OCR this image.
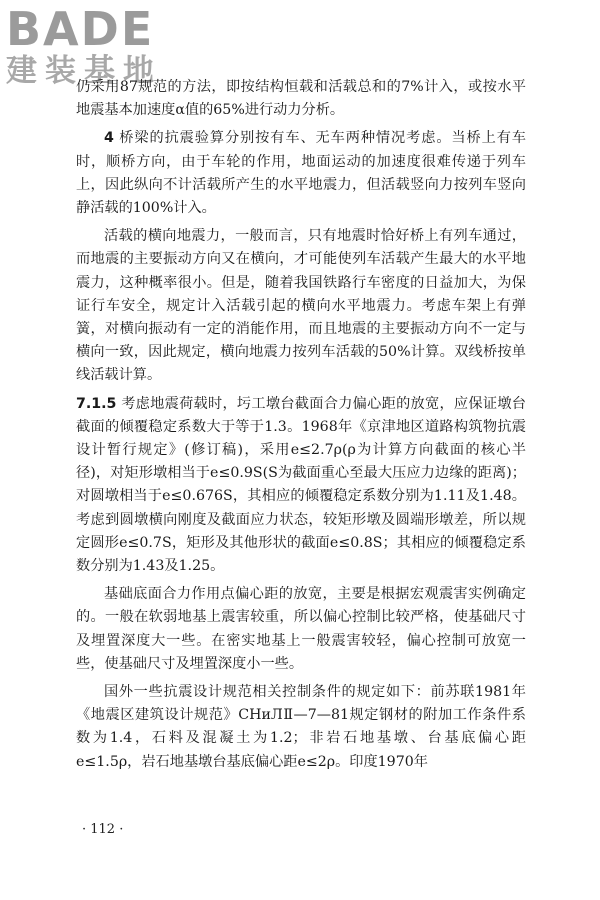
BADE
建装基地

仍采用87规范的方法，即按结构恒载和活载总和的7%计入，或按水平地震基本加速度α值的65%进行动力分析。

4 桥梁的抗震验算分别按有车、无车两种情况考虑。当桥上有车时，顺桥方向，由于车轮的作用，地面运动的加速度很难传递于列车上，因此纵向不计活载所产生的水平地震力，但活载竖向力按列车竖向静活载的100%计入。

活载的横向地震力，一般而言，只有地震时恰好桥上有列车通过，而地震的主要振动方向又在横向，才可能使列车活载产生最大的水平地震力，这种概率很小。但是，随着我国铁路行车密度的日益加大，为保证行车安全，规定计入活载引起的横向水平地震力。考虑车架上有弹簧，对横向振动有一定的消能作用，而且地震的主要振动方向不一定与横向一致，因此规定，横向地震力按列车活载的50%计算。双线桥按单线活载计算。

7.1.5 考虑地震荷载时，圬工墩台截面合力偏心距的放宽，应保证墩台截面的倾覆稳定系数大于等于1.3。1968年《京津地区道路构筑物抗震设计暂行规定》(修订稿)，采用e≤2.7ρ(ρ为计算方向截面的核心半径)，对矩形墩相当于e≤0.9S(S为截面重心至最大压应力边缘的距离)；对圆墩相当于e≤0.676S，其相应的倾覆稳定系数分别为1.11及1.48。考虑到圆墩横向刚度及截面应力状态，较矩形墩及圆端形墩差，所以规定圆形e≤0.7S，矩形及其他形状的截面e≤0.8S；其相应的倾覆稳定系数分别为1.43及1.25。

基础底面合力作用点偏心距的放宽，主要是根据宏观震害实例确定的。一般在软弱地基上震害较重，所以偏心控制比较严格，使基础尺寸及埋置深度大一些。在密实地基上一般震害较轻，偏心控制可放宽一些，使基础尺寸及埋置深度小一些。

国外一些抗震设计规范相关控制条件的规定如下：前苏联1981年《地震区建筑设计规范》СНиЛⅡ—7—81规定钢材的附加工作条件系数为1.4，石料及混凝土为1.2；非岩石地基墩、台基底偏心距e≤1.5ρ，岩石地基墩台基底偏心距e≤2ρ。印度1970年

· 112 ·
